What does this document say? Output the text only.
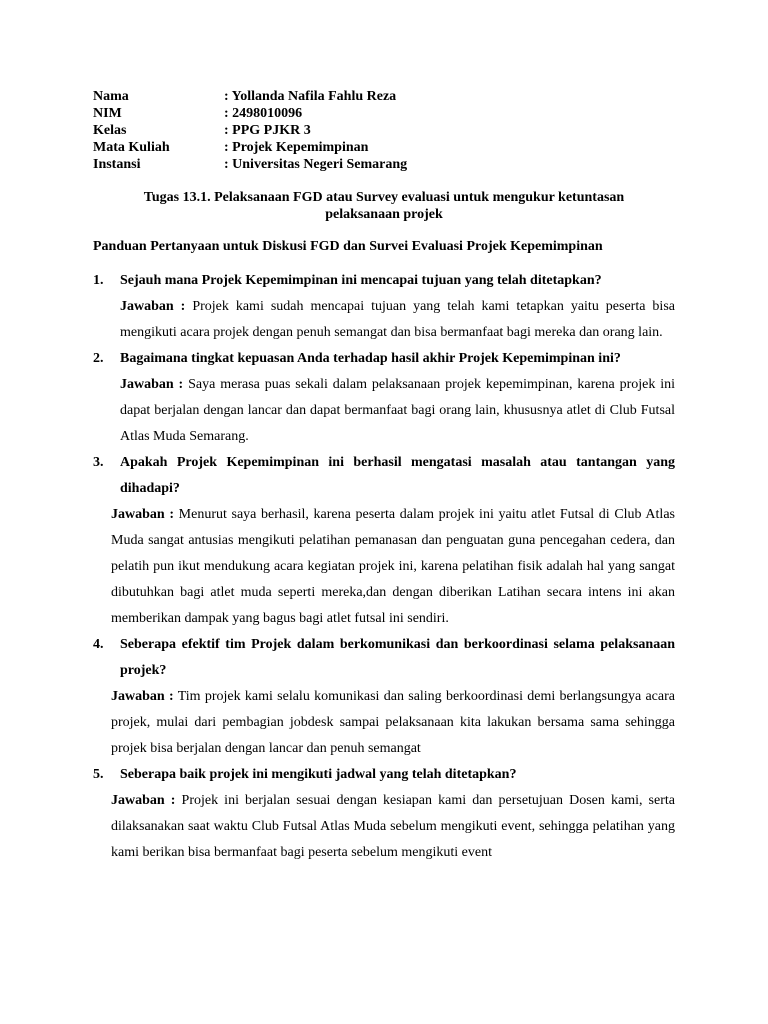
Nama	: Yollanda Nafila Fahlu Reza
NIM	: 2498010096
Kelas	: PPG PJKR 3
Mata Kuliah	: Projek Kepemimpinan
Instansi	: Universitas Negeri Semarang
Tugas 13.1. Pelaksanaan FGD atau Survey evaluasi untuk mengukur ketuntasan
pelaksanaan projek
Panduan Pertanyaan untuk Diskusi FGD dan Survei Evaluasi Projek Kepemimpinan
1. Sejauh mana Projek Kepemimpinan ini mencapai tujuan yang telah ditetapkan?
Jawaban : Projek kami sudah mencapai tujuan yang telah kami tetapkan yaitu peserta bisa mengikuti acara projek dengan penuh semangat dan bisa bermanfaat bagi mereka dan orang lain.
2. Bagaimana tingkat kepuasan Anda terhadap hasil akhir Projek Kepemimpinan ini?
Jawaban : Saya merasa puas sekali dalam pelaksanaan projek kepemimpinan, karena projek ini dapat berjalan dengan lancar dan dapat bermanfaat bagi orang lain, khususnya atlet di Club Futsal Atlas Muda Semarang.
3. Apakah Projek Kepemimpinan ini berhasil mengatasi masalah atau tantangan yang dihadapi?
Jawaban : Menurut saya berhasil, karena peserta dalam projek ini yaitu atlet Futsal di Club Atlas Muda sangat antusias mengikuti pelatihan pemanasan dan penguatan guna pencegahan cedera, dan pelatih pun ikut mendukung acara kegiatan projek ini, karena pelatihan fisik adalah hal yang sangat dibutuhkan bagi atlet muda seperti mereka,dan dengan diberikan Latihan secara intens ini akan memberikan dampak yang bagus bagi atlet futsal ini sendiri.
4. Seberapa efektif tim Projek dalam berkomunikasi dan berkoordinasi selama pelaksanaan projek?
Jawaban : Tim projek kami selalu komunikasi dan saling berkoordinasi demi berlangsungya acara projek, mulai dari pembagian jobdesk sampai pelaksanaan kita lakukan bersama sama sehingga projek bisa berjalan dengan lancar dan penuh semangat
5. Seberapa baik projek ini mengikuti jadwal yang telah ditetapkan?
Jawaban : Projek ini berjalan sesuai dengan kesiapan kami dan persetujuan Dosen kami, serta dilaksanakan saat waktu Club Futsal Atlas Muda sebelum mengikuti event, sehingga pelatihan yang kami berikan bisa bermanfaat bagi peserta sebelum mengikuti event
